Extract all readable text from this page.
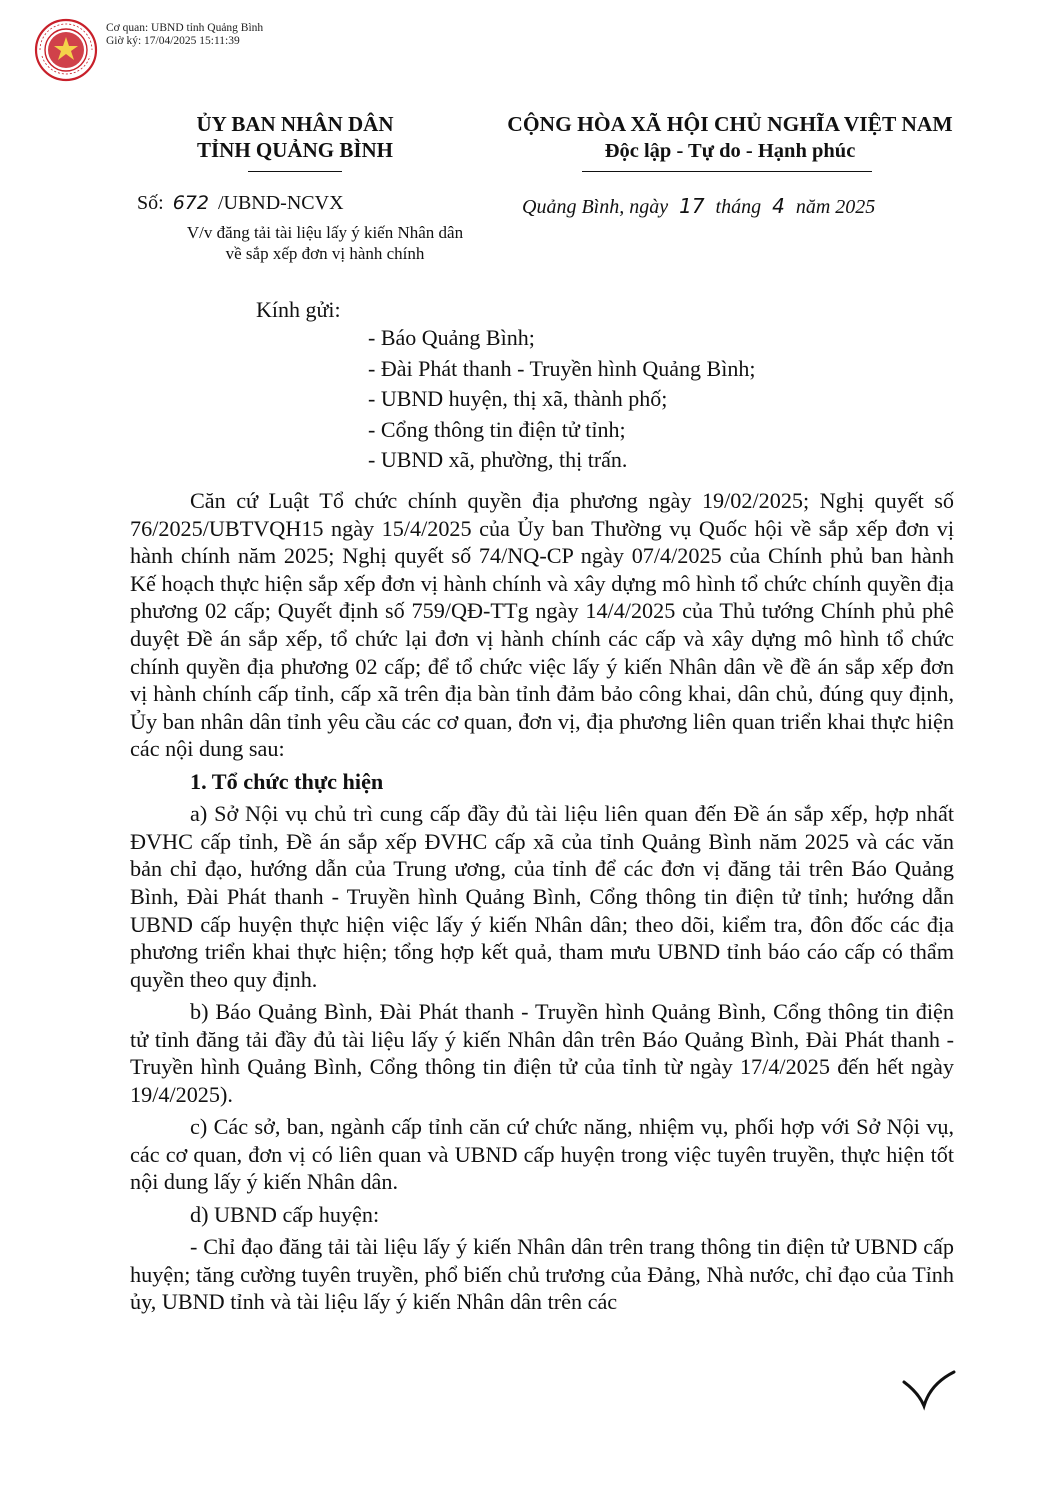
Cơ quan: UBND tỉnh Quảng Bình
Giờ ký: 17/04/2025 15:11:39
ỦY BAN NHÂN DÂN
TỈNH QUẢNG BÌNH
CỘNG HÒA XÃ HỘI CHỦ NGHĨA VIỆT NAM
Độc lập - Tự do - Hạnh phúc
Số: 672 /UBND-NCVX
V/v đăng tải tài liệu lấy ý kiến Nhân dân
về sắp xếp đơn vị hành chính
Quảng Bình, ngày 17 tháng 4 năm 2025
Kính gửi:
- Báo Quảng Bình;
- Đài Phát thanh - Truyền hình Quảng Bình;
- UBND huyện, thị xã, thành phố;
- Cổng thông tin điện tử tỉnh;
- UBND xã, phường, thị trấn.

Căn cứ Luật Tổ chức chính quyền địa phương ngày 19/02/2025; Nghị quyết số 76/2025/UBTVQH15 ngày 15/4/2025 của Ủy ban Thường vụ Quốc hội về sắp xếp đơn vị hành chính năm 2025; Nghị quyết số 74/NQ-CP ngày 07/4/2025 của Chính phủ ban hành Kế hoạch thực hiện sắp xếp đơn vị hành chính và xây dựng mô hình tổ chức chính quyền địa phương 02 cấp; Quyết định số 759/QĐ-TTg ngày 14/4/2025 của Thủ tướng Chính phủ phê duyệt Đề án sắp xếp, tổ chức lại đơn vị hành chính các cấp và xây dựng mô hình tổ chức chính quyền địa phương 02 cấp; để tổ chức việc lấy ý kiến Nhân dân về đề án sắp xếp đơn vị hành chính cấp tỉnh, cấp xã trên địa bàn tỉnh đảm bảo công khai, dân chủ, đúng quy định, Ủy ban nhân dân tỉnh yêu cầu các cơ quan, đơn vị, địa phương liên quan triển khai thực hiện các nội dung sau:

1. Tổ chức thực hiện

a) Sở Nội vụ chủ trì cung cấp đầy đủ tài liệu liên quan đến Đề án sắp xếp, hợp nhất ĐVHC cấp tỉnh, Đề án sắp xếp ĐVHC cấp xã của tỉnh Quảng Bình năm 2025 và các văn bản chỉ đạo, hướng dẫn của Trung ương, của tỉnh để các đơn vị đăng tải trên Báo Quảng Bình, Đài Phát thanh - Truyền hình Quảng Bình, Cổng thông tin điện tử tỉnh; hướng dẫn UBND cấp huyện thực hiện việc lấy ý kiến Nhân dân; theo dõi, kiểm tra, đôn đốc các địa phương triển khai thực hiện; tổng hợp kết quả, tham mưu UBND tỉnh báo cáo cấp có thẩm quyền theo quy định.

b) Báo Quảng Bình, Đài Phát thanh - Truyền hình Quảng Bình, Cổng thông tin điện tử tỉnh đăng tải đầy đủ tài liệu lấy ý kiến Nhân dân trên Báo Quảng Bình, Đài Phát thanh - Truyền hình Quảng Bình, Cổng thông tin điện tử của tỉnh từ ngày 17/4/2025 đến hết ngày 19/4/2025).

c) Các sở, ban, ngành cấp tỉnh căn cứ chức năng, nhiệm vụ, phối hợp với Sở Nội vụ, các cơ quan, đơn vị có liên quan và UBND cấp huyện trong việc tuyên truyền, thực hiện tốt nội dung lấy ý kiến Nhân dân.

d) UBND cấp huyện:

- Chỉ đạo đăng tải tài liệu lấy ý kiến Nhân dân trên trang thông tin điện tử UBND cấp huyện; tăng cường tuyên truyền, phổ biến chủ trương của Đảng, Nhà nước, chỉ đạo của Tỉnh ủy, UBND tỉnh và tài liệu lấy ý kiến Nhân dân trên các
